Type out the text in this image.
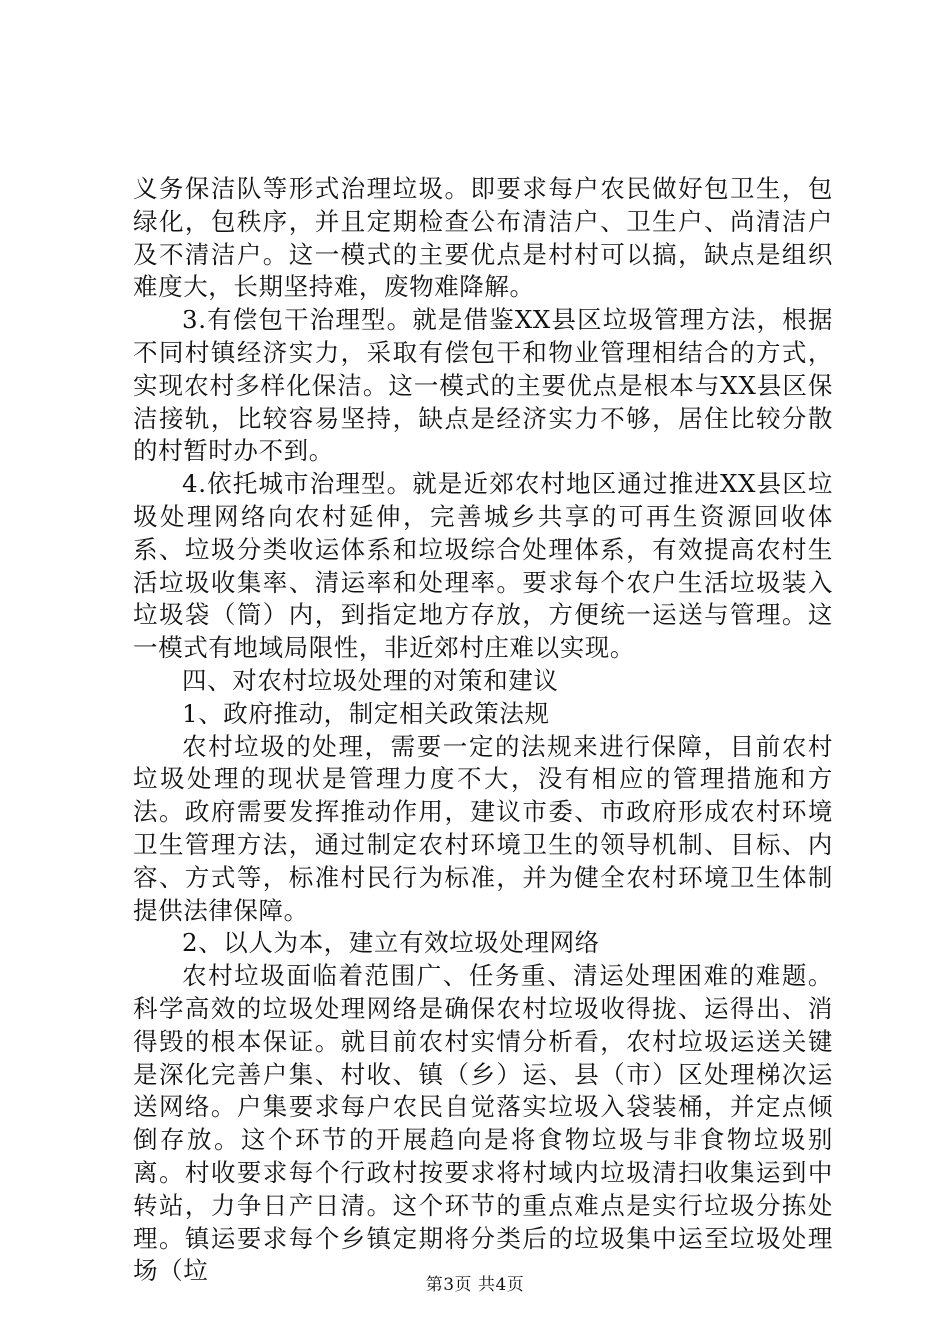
义务保洁队等形式治理垃圾。即要求每户农民做好包卫生，包绿化，包秩序，并且定期检查公布清洁户、卫生户、尚清洁户及不清洁户。这一模式的主要优点是村村可以搞，缺点是组织难度大，长期坚持难，废物难降解。

3.有偿包干治理型。就是借鉴XX县区垃圾管理方法，根据不同村镇经济实力，采取有偿包干和物业管理相结合的方式，实现农村多样化保洁。这一模式的主要优点是根本与XX县区保洁接轨，比较容易坚持，缺点是经济实力不够，居住比较分散的村暂时办不到。

4.依托城市治理型。就是近郊农村地区通过推进XX县区垃圾处理网络向农村延伸，完善城乡共享的可再生资源回收体系、垃圾分类收运体系和垃圾综合处理体系，有效提高农村生活垃圾收集率、清运率和处理率。要求每个农户生活垃圾装入垃圾袋（筒）内，到指定地方存放，方便统一运送与管理。这一模式有地域局限性，非近郊村庄难以实现。

四、对农村垃圾处理的对策和建议

1、政府推动，制定相关政策法规

农村垃圾的处理，需要一定的法规来进行保障，目前农村垃圾处理的现状是管理力度不大，没有相应的管理措施和方法。政府需要发挥推动作用，建议市委、市政府形成农村环境卫生管理方法，通过制定农村环境卫生的领导机制、目标、内容、方式等，标准村民行为标准，并为健全农村环境卫生体制提供法律保障。

2、以人为本，建立有效垃圾处理网络

农村垃圾面临着范围广、任务重、清运处理困难的难题。科学高效的垃圾处理网络是确保农村垃圾收得拢、运得出、消得毁的根本保证。就目前农村实情分析看，农村垃圾运送关键是深化完善户集、村收、镇（乡）运、县（市）区处理梯次运送网络。户集要求每户农民自觉落实垃圾入袋装桶，并定点倾倒存放。这个环节的开展趋向是将食物垃圾与非食物垃圾别离。村收要求每个行政村按要求将村域内垃圾清扫收集运到中转站，力争日产日清。这个环节的重点难点是实行垃圾分拣处理。镇运要求每个乡镇定期将分类后的垃圾集中运至垃圾处理场（垃	第3页 共4页
